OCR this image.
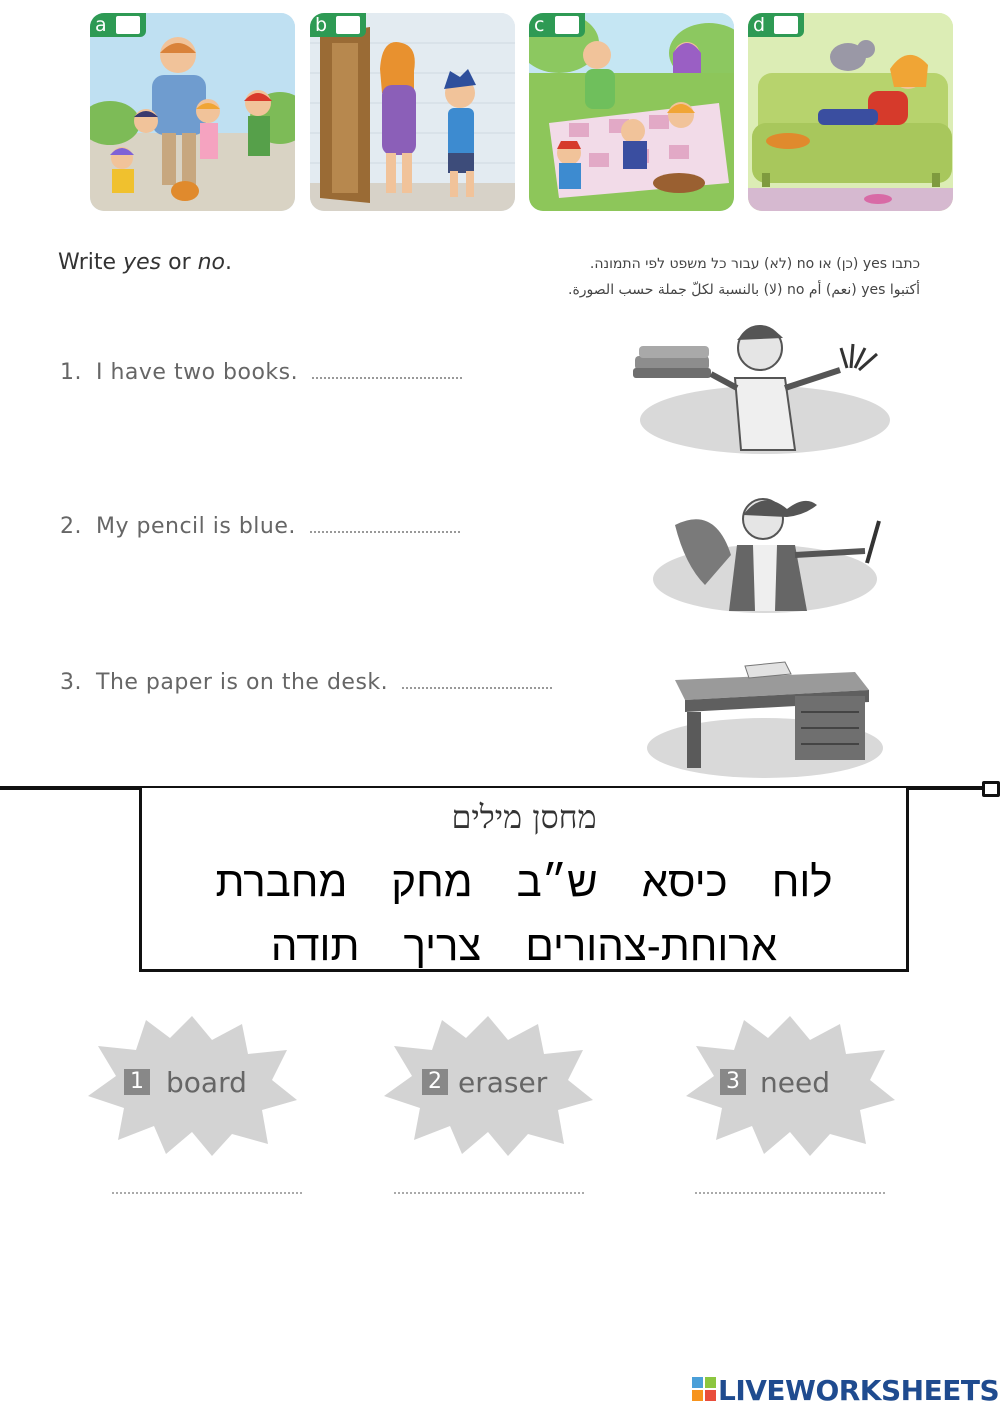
a	b	c	d
Write yes or no.	כתבו yes (כן) או no (לא) עבור כל משפט לפי התמונה.
أكتبوا yes (نعم) أم no (لا) بالنسبة لكلّ جملة حسب الصورة.
1. I have two books.
2. My pencil is blue.
3. The paper is on the desk.
מחסן מילים
לוחכיסאש״במחקמחברת
ארוחת-צהוריםצריךתודה
1 board	2 eraser	3 need
LIVEWORKSHEETS
